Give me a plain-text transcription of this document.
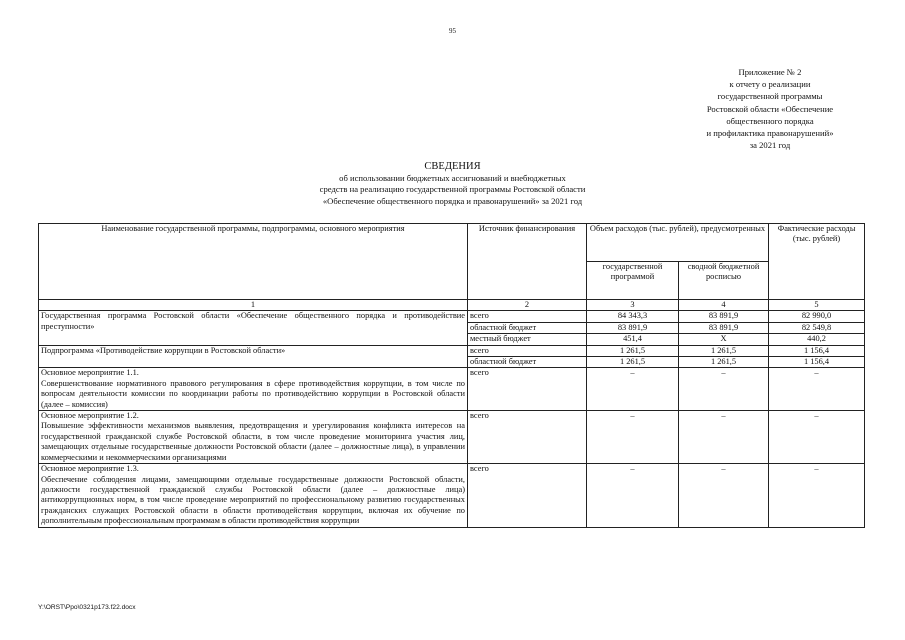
95
Приложение № 2
к отчету о реализации
государственной программы
Ростовской области «Обеспечение
общественного порядка
и профилактика правонарушений»
за 2021 год
СВЕДЕНИЯ
об использовании бюджетных ассигнований и внебюджетных
средств на реализацию государственной программы Ростовской области
«Обеспечение общественного порядка и правонарушений» за 2021 год
Наименование государственной программы, подпрограммы, основного мероприятия	Источник финансирования	Объем расходов (тыс. рублей), предусмотренных		Фактические расходы (тыс. рублей)
		государственной программой	сводной бюджетной росписью	
1	2	3	4	5
Государственная программа Ростовской области «Обеспечение общественного порядка и противодействие преступности»	всего	84 343,3	83 891,9	82 990,0
	областной бюджет	83 891,9	83 891,9	82 549,8
	местный бюджет	451,4	X	440,2
Подпрограмма «Противодействие коррупции в Ростовской области»	всего	1 261,5	1 261,5	1 156,4
	областной бюджет	1 261,5	1 261,5	1 156,4

Основное мероприятие 1.1.
Совершенствование нормативного правового регулирования в сфере противодействия коррупции, в том числе по вопросам деятельности комиссии по координации работы по противодействию коррупции в Ростовской области (далее – комиссия)	всего	–	–	–

Основное мероприятие 1.2.
Повышение эффективности механизмов выявления, предотвращения и урегулирования конфликта интересов на государственной гражданской службе Ростовской области, в том числе проведение мониторинга участия лиц, замещающих отдельные государственные должности Ростовской области (далее – должностные лица), в управлении коммерческими и некоммерческими организациями	всего	–	–	–

Основное мероприятие 1.3.
Обеспечение соблюдения лицами, замещающими отдельные государственные должности Ростовской области, должности государственной гражданской службы Ростовской области (далее – должностные лица) антикоррупционных норм, в том числе проведение мероприятий по профессиональному развитию государственных гражданских служащих Ростовской области в области противодействия коррупции, включая их обучение по дополнительным профессиональным программам в области противодействия коррупции	всего	–	–	–
Y:\ORST\Ppo\0321p173.f22.docx
